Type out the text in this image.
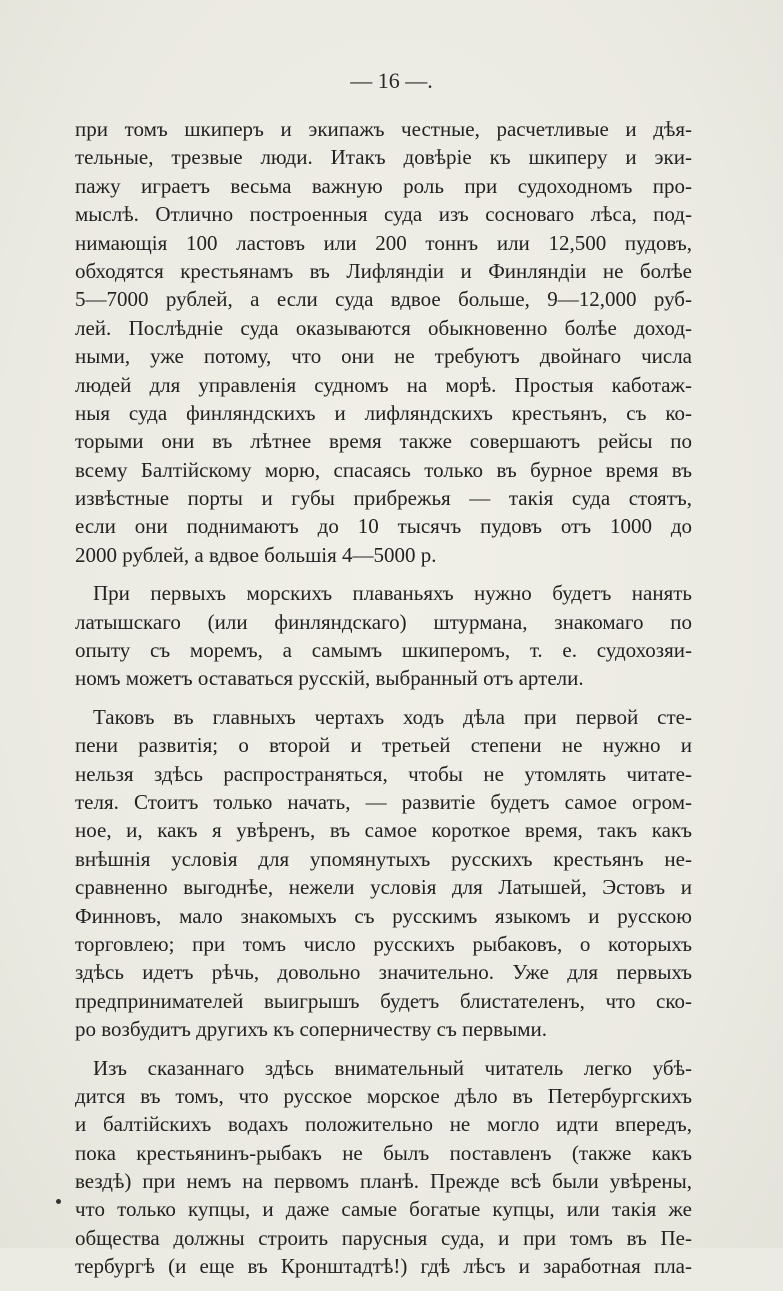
— 16 —.
при томъ шкиперъ и экипажъ честные, расчетливые и дѣя-
тельные, трезвые люди. Итакъ довѣріе къ шкиперу и эки-
пажу играетъ весьма важную роль при судоходномъ про-
мыслѣ. Отлично построенныя суда изъ сосноваго лѣса, под-
нимающія 100 ластовъ или 200 тоннъ или 12,500 пудовъ,
обходятся крестьянамъ въ Лифляндіи и Финляндіи не болѣе
5—7000 рублей, а если суда вдвое больше, 9—12,000 руб-
лей. Послѣдніе суда оказываются обыкновенно болѣе доход-
ными, уже потому, что они не требуютъ двойнаго числа
людей для управленія судномъ на морѣ. Простыя каботаж-
ныя суда финляндскихъ и лифляндскихъ крестьянъ, съ ко-
торыми они въ лѣтнее время также совершаютъ рейсы по
всему Балтійскому морю, спасаясь только въ бурное время въ
извѣстные порты и губы прибрежья — такія суда стоятъ,
если они поднимаютъ до 10 тысячъ пудовъ отъ 1000 до
2000 рублей, а вдвое большія 4—5000 р.
При первыхъ морскихъ плаваньяхъ нужно будетъ нанять
латышскаго (или финляндскаго) штурмана, знакомаго по
опыту съ моремъ, а самымъ шкиперомъ, т. е. судохозяи-
номъ можетъ оставаться русскій, выбранный отъ артели.
Таковъ въ главныхъ чертахъ ходъ дѣла при первой сте-
пени развитія; о второй и третьей степени не нужно и
нельзя здѣсь распространяться, чтобы не утомлять читате-
теля. Стоитъ только начать, — развитіе будетъ самое огром-
ное, и, какъ я увѣренъ, въ самое короткое время, такъ какъ
внѣшнія условія для упомянутыхъ русскихъ крестьянъ не-
сравненно выгоднѣе, нежели условія для Латышей, Эстовъ и
Финновъ, мало знакомыхъ съ русскимъ языкомъ и русскою
торговлею; при томъ число русскихъ рыбаковъ, о которыхъ
здѣсь идетъ рѣчь, довольно значительно. Уже для первыхъ
предпринимателей выигрышъ будетъ блистателенъ, что ско-
ро возбудитъ другихъ къ соперничеству съ первыми.
Изъ сказаннаго здѣсь внимательный читатель легко убѣ-
дится въ томъ, что русское морское дѣло въ Петербургскихъ
и балтійскихъ водахъ положительно не могло идти впередъ,
пока крестьянинъ-рыбакъ не былъ поставленъ (также какъ
вездѣ) при немъ на первомъ планѣ. Прежде всѣ были увѣрены,
что только купцы, и даже самые богатые купцы, или такія же
общества должны строить парусныя суда, и при томъ въ Пе-
тербургѣ (и еще въ Кронштадтѣ!) гдѣ лѣсъ и заработная пла-
